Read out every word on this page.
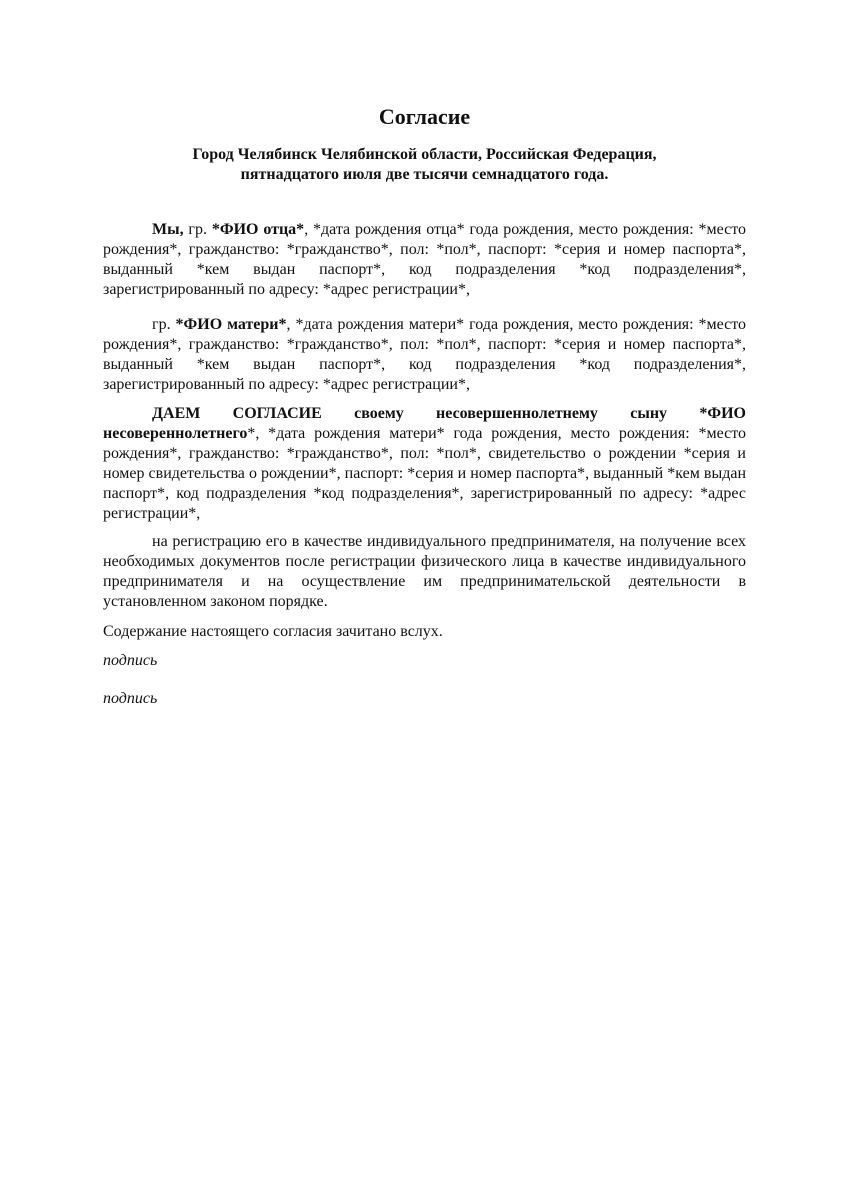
Согласие
Город Челябинск Челябинской области, Российская Федерация,
пятнадцатого июля две тысячи семнадцатого года.
Мы, гр. *ФИО отца*, *дата рождения отца* года рождения, место рождения: *место рождения*, гражданство: *гражданство*, пол: *пол*, паспорт: *серия и номер паспорта*, выданный *кем выдан паспорт*, код подразделения *код подразделения*, зарегистрированный по адресу: *адрес регистрации*,
гр. *ФИО матери*, *дата рождения матери* года рождения, место рождения: *место рождения*, гражданство: *гражданство*, пол: *пол*, паспорт: *серия и номер паспорта*, выданный *кем выдан паспорт*, код подразделения *код подразделения*, зарегистрированный по адресу: *адрес регистрации*,
ДАЕМ СОГЛАСИЕ своему несовершеннолетнему сыну *ФИО несовереннолетнего*, *дата рождения матери* года рождения, место рождения: *место рождения*, гражданство: *гражданство*, пол: *пол*, свидетельство о рождении *серия и номер свидетельства о рождении*, паспорт: *серия и номер паспорта*, выданный *кем выдан паспорт*, код подразделения *код подразделения*, зарегистрированный по адресу: *адрес регистрации*,
на регистрацию его в качестве индивидуального предпринимателя, на получение всех необходимых документов после регистрации физического лица в качестве индивидуального предпринимателя и на осуществление им предпринимательской деятельности в установленном законом порядке.
Содержание настоящего согласия зачитано вслух.
подпись
подпись
